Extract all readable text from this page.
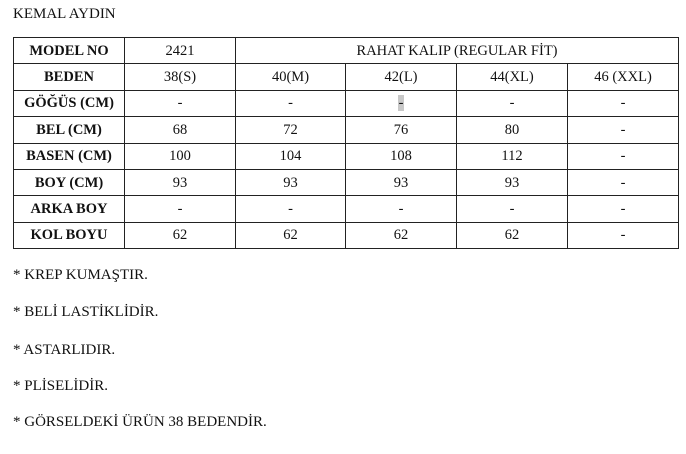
KEMAL AYDIN
MODEL NO	2421	RAHAT KALIP (REGULAR FİT)			
BEDEN	38(S)	40(M)	42(L)	44(XL)	46 (XXL)
GÖĞÜS (CM)	-	-	-	-	-
BEL (CM)	68	72	76	80	-
BASEN (CM)	100	104	108	112	-
BOY (CM)	93	93	93	93	-
ARKA BOY	-	-	-	-	-
KOL BOYU	62	62	62	62	-
* KREP KUMAŞTIR.
* BELİ LASTİKLİDİR.
* ASTARLIDIR.
* PLİSELİDİR.
* GÖRSELDEKİ ÜRÜN 38 BEDENDİR.
